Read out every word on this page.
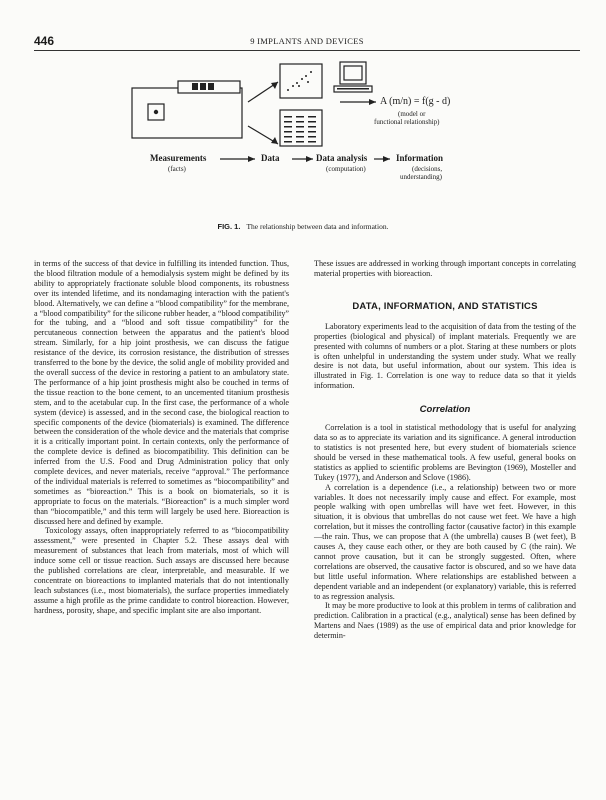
446	9 IMPLANTS AND DEVICES
A (m/n) = f(g - d)
(model or
functional relationship)
Measurements
(facts)
Data	Data analysis
(computation)
Information
(decisions,
understanding)
FIG. 1. The relationship between data and information.

in terms of the success of that device in fulfilling its intended function. Thus, the blood filtration module of a hemodialysis system might be defined by its ability to appropriately fractionate soluble blood components, its robustness over its intended lifetime, and its nondamaging interaction with the patient's blood. Alternatively, we can define a “blood compatibility” for the membrane, a “blood compatibility” for the silicone rubber header, a “blood compatibility” for the tubing, and a “blood and soft tissue compatibility” for the percutaneous connection between the apparatus and the patient's blood stream. Similarly, for a hip joint prosthesis, we can discuss the fatigue resistance of the device, its corrosion resistance, the distribution of stresses transferred to the bone by the device, the solid angle of mobility provided and the overall success of the device in restoring a patient to an ambulatory state. The performance of a hip joint prosthesis might also be couched in terms of the tissue reaction to the bone cement, to an uncemented titanium prosthesis stem, and to the acetabular cup. In the first case, the performance of a whole system (device) is assessed, and in the second case, the biological reaction to specific components of the device (biomaterials) is examined. The difference between the consideration of the whole device and the materials that comprise it is a critically important point. In certain contexts, only the performance of the complete device is defined as biocompatibility. This definition can be inferred from the U.S. Food and Drug Administration policy that only complete devices, and never materials, receive “approval.” The performance of the individual materials is referred to sometimes as “biocompatibility” and sometimes as “bioreaction.” This is a book on biomaterials, so it is appropriate to focus on the materials. “Bioreaction” is a much simpler word than “biocompatible,” and this term will largely be used here. Bioreaction is discussed here and defined by example.

Toxicology assays, often inappropriately referred to as “biocompatibility assessment,” were presented in Chapter 5.2. These assays deal with measurement of substances that leach from materials, most of which will induce some cell or tissue reaction. Such assays are discussed here because the published correlations are clear, interpretable, and measurable. If we concentrate on bioreactions to implanted materials that do not intentionally leach substances (i.e., most biomaterials), the surface properties immediately assume a high profile as the prime candidate to control bioreaction. However, hardness, porosity, shape, and specific implant site are also important.

These issues are addressed in working through important concepts in correlating material properties with bioreaction.

DATA, INFORMATION, AND STATISTICS

Laboratory experiments lead to the acquisition of data from the testing of the properties (biological and physical) of implant materials. Frequently we are presented with columns of numbers or a plot. Staring at these numbers or plots is often unhelpful in understanding the system under study. What we really desire is not data, but useful information, about our system. This idea is illustrated in Fig. 1. Correlation is one way to reduce data so that it yields information.

Correlation

Correlation is a tool in statistical methodology that is useful for analyzing data so as to appreciate its variation and its significance. A general introduction to statistics is not presented here, but every student of biomaterials science should be versed in these mathematical tools. A few useful, general books on statistics as applied to scientific problems are Bevington (1969), Mosteller and Tukey (1977), and Anderson and Sclove (1986).

A correlation is a dependence (i.e., a relationship) between two or more variables. It does not necessarily imply cause and effect. For example, most people walking with open umbrellas will have wet feet. However, in this situation, it is obvious that umbrellas do not cause wet feet. We have a high correlation, but it misses the controlling factor (causative factor) in this example—the rain. Thus, we can propose that A (the umbrella) causes B (wet feet), B causes A, they cause each other, or they are both caused by C (the rain). We cannot prove causation, but it can be strongly suggested. Often, where correlations are observed, the causative factor is obscured, and so we have data but little useful information. Where relationships are established between a dependent variable and an independent (or explanatory) variable, this is referred to as regression analysis.

It may be more productive to look at this problem in terms of calibration and prediction. Calibration in a practical (e.g., analytical) sense has been defined by Martens and Naes (1989) as the use of empirical data and prior knowledge for determin-
